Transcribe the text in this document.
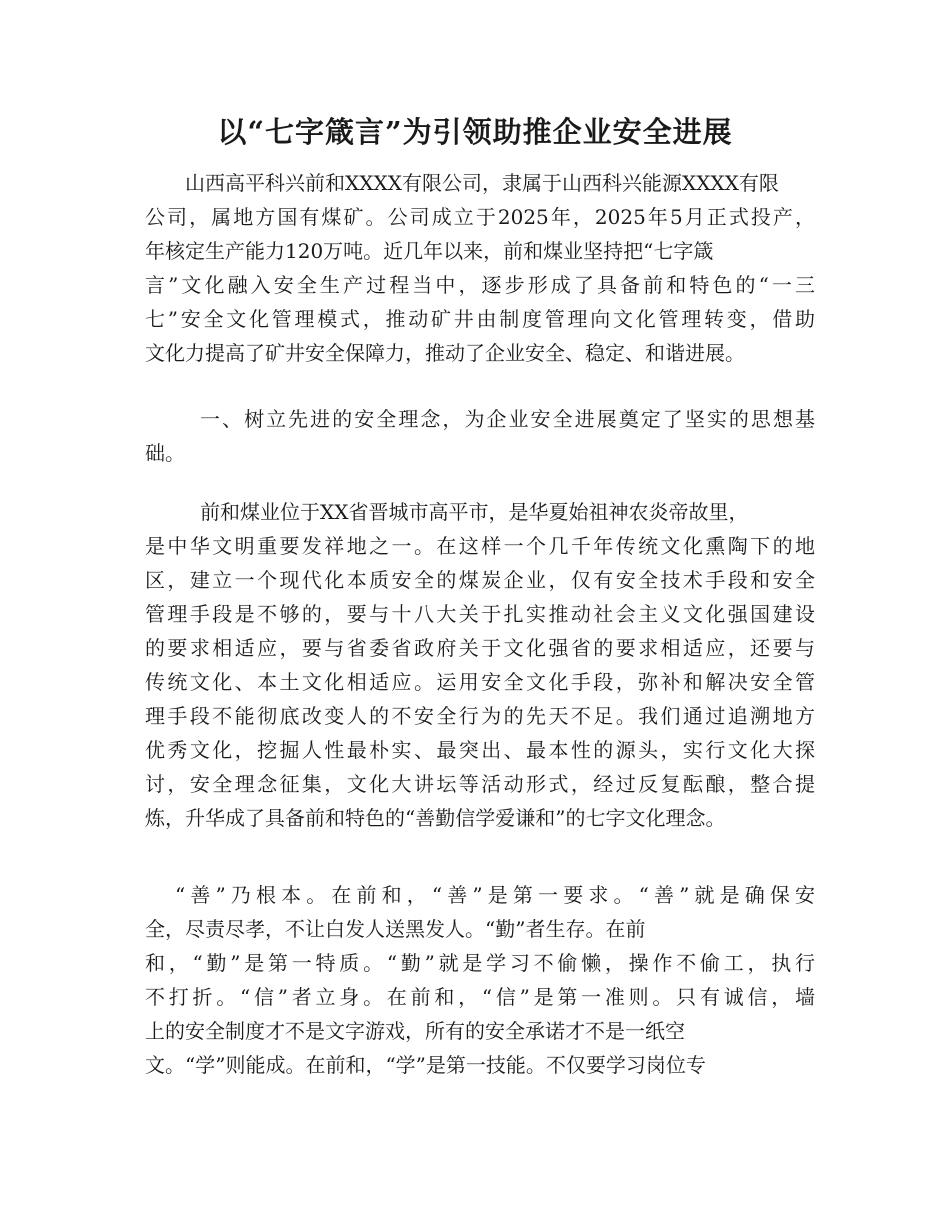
以“七字箴言”为引领助推企业安全进展
山西高平科兴前和XXXX有限公司，隶属于山西科兴能源XXXX有限
公司，属地方国有煤矿。公司成立于2025年，2025年5月正式投产，
年核定生产能力120万吨。近几年以来，前和煤业坚持把“七字箴
言”文化融入安全生产过程当中，逐步形成了具备前和特色的“一三
七”安全文化管理模式，推动矿井由制度管理向文化管理转变，借助
文化力提高了矿井安全保障力，推动了企业安全、稳定、和谐进展。
一、树立先进的安全理念，为企业安全进展奠定了坚实的思想基
础。
前和煤业位于XX省晋城市高平市，是华夏始祖神农炎帝故里，
是中华文明重要发祥地之一。在这样一个几千年传统文化熏陶下的地
区，建立一个现代化本质安全的煤炭企业，仅有安全技术手段和安全
管理手段是不够的，要与十八大关于扎实推动社会主义文化强国建设
的要求相适应，要与省委省政府关于文化强省的要求相适应，还要与
传统文化、本土文化相适应。运用安全文化手段，弥补和解决安全管
理手段不能彻底改变人的不安全行为的先天不足。我们通过追溯地方
优秀文化，挖掘人性最朴实、最突出、最本性的源头，实行文化大探
讨，安全理念征集，文化大讲坛等活动形式，经过反复酝酿，整合提
炼，升华成了具备前和特色的“善勤信学爱谦和”的七字文化理念。
“善”乃根本。在前和，“善”是第一要求。“善”就是确保安
全，尽责尽孝，不让白发人送黑发人。“勤”者生存。在前
和，“勤”是第一特质。“勤”就是学习不偷懒，操作不偷工，执行
不打折。“信”者立身。在前和，“信”是第一准则。只有诚信，墙
上的安全制度才不是文字游戏，所有的安全承诺才不是一纸空
文。“学”则能成。在前和，“学”是第一技能。不仅要学习岗位专
